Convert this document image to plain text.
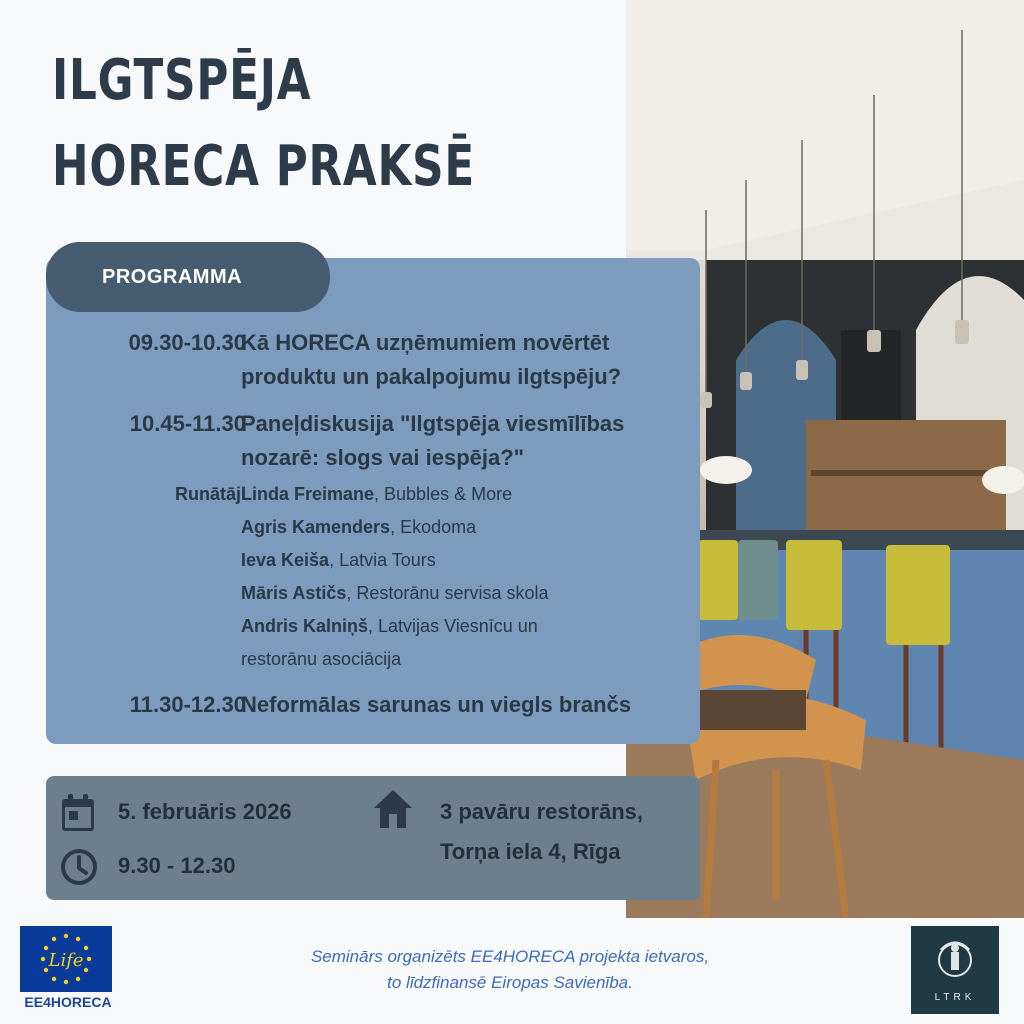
ILGTSPĒJA
HORECA PRAKSĒ
PROGRAMMA
09.30-10.30
Kā HORECA uzņēmumiem novērtēt
produktu un pakalpojumu ilgtspēju?
10.45-11.30
Paneļdiskusija "Ilgtspēja viesmīlības
nozarē: slogs vai iespēja?"
Runātāji
Linda Freimane, Bubbles & More
Agris Kamenders, Ekodoma
Ieva Keiša, Latvia Tours
Māris Astičs, Restorānu servisa skola
Andris Kalniņš, Latvijas Viesnīcu un
restorānu asociācija
11.30-12.30
Neformālas sarunas un viegls brančs
5. februāris 2026
9.30 - 12.30
3 pavāru restorāns,
Torņa iela 4, Rīga
Life
EE4HORECA
Seminārs organizēts EE4HORECA projekta ietvaros,
to līdzfinansē Eiropas Savienība.
LTRK
